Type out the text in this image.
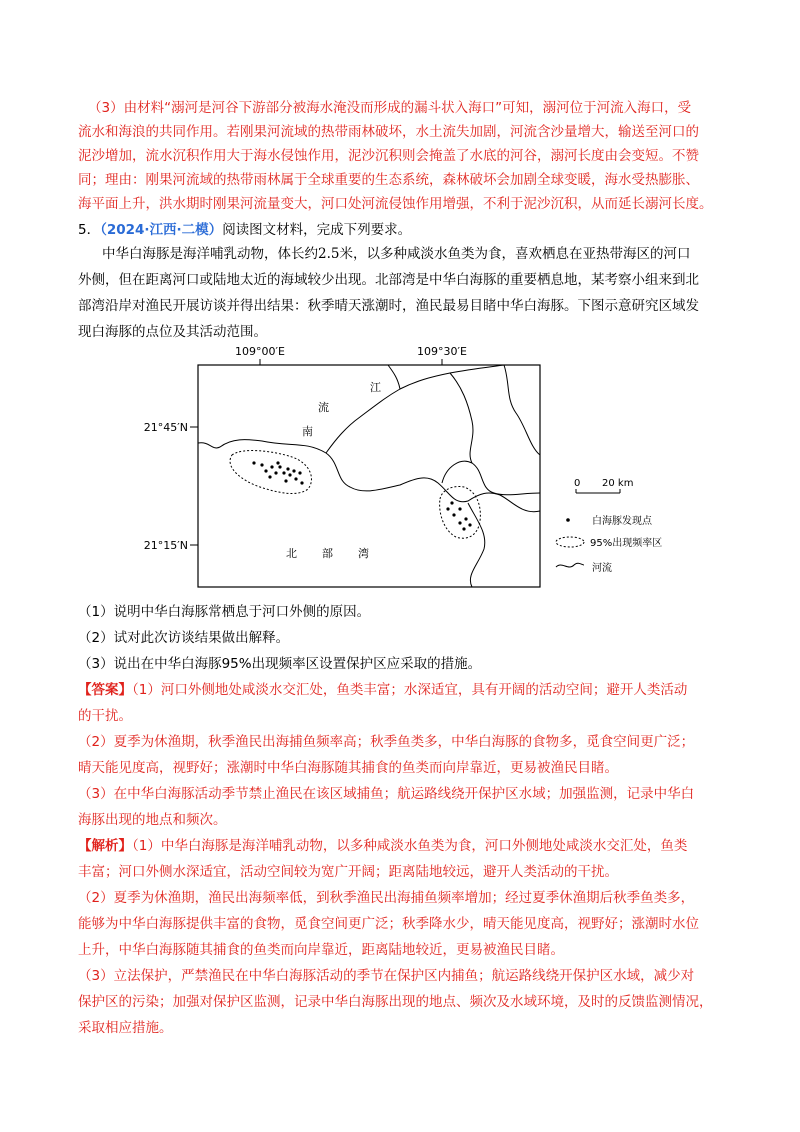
（3）由材料“溺河是河谷下游部分被海水淹没而形成的漏斗状入海口”可知，溺河位于河流入海口，受
流水和海浪的共同作用。若刚果河流域的热带雨林破坏，水土流失加剧，河流含沙量增大，输送至河口的
泥沙增加，流水沉积作用大于海水侵蚀作用，泥沙沉积则会掩盖了水底的河谷，溺河长度由会变短。不赞
同；理由：刚果河流域的热带雨林属于全球重要的生态系统，森林破坏会加剧全球变暖，海水受热膨胀、
海平面上升，洪水期时刚果河流量变大，河口处河流侵蚀作用增强，不利于泥沙沉积，从而延长溺河长度。
5．（2024·江西·二模）阅读图文材料，完成下列要求。
中华白海豚是海洋哺乳动物，体长约2.5米，以多种咸淡水鱼类为食，喜欢栖息在亚热带海区的河口
外侧，但在距离河口或陆地太近的海域较少出现。北部湾是中华白海豚的重要栖息地，某考察小组来到北
部湾沿岸对渔民开展访谈并得出结果：秋季晴天涨潮时，渔民最易目睹中华白海豚。下图示意研究区域发
现白海豚的点位及其活动范围。
109°00′E	109°30′E
21°45′N
21°15′N
南
流
江
北 部 湾
0 20 km
白海豚发现点
95%出现频率区
河流
（1）说明中华白海豚常栖息于河口外侧的原因。
（2）试对此次访谈结果做出解释。
（3）说出在中华白海豚95%出现频率区设置保护区应采取的措施。
【答案】（1）河口外侧地处咸淡水交汇处，鱼类丰富；水深适宜，具有开阔的活动空间；避开人类活动
的干扰。
（2）夏季为休渔期，秋季渔民出海捕鱼频率高；秋季鱼类多，中华白海豚的食物多，觅食空间更广泛；
晴天能见度高，视野好；涨潮时中华白海豚随其捕食的鱼类而向岸靠近，更易被渔民目睹。
（3）在中华白海豚活动季节禁止渔民在该区域捕鱼；航运路线绕开保护区水域；加强监测，记录中华白
海豚出现的地点和频次。
【解析】（1）中华白海豚是海洋哺乳动物，以多种咸淡水鱼类为食，河口外侧地处咸淡水交汇处，鱼类
丰富；河口外侧水深适宜，活动空间较为宽广开阔；距离陆地较远，避开人类活动的干扰。
（2）夏季为休渔期，渔民出海频率低，到秋季渔民出海捕鱼频率增加；经过夏季休渔期后秋季鱼类多，
能够为中华白海豚提供丰富的食物，觅食空间更广泛；秋季降水少，晴天能见度高，视野好；涨潮时水位
上升，中华白海豚随其捕食的鱼类而向岸靠近，距离陆地较近，更易被渔民目睹。
（3）立法保护，严禁渔民在中华白海豚活动的季节在保护区内捕鱼；航运路线绕开保护区水域，减少对
保护区的污染；加强对保护区监测，记录中华白海豚出现的地点、频次及水域环境，及时的反馈监测情况，
采取相应措施。
